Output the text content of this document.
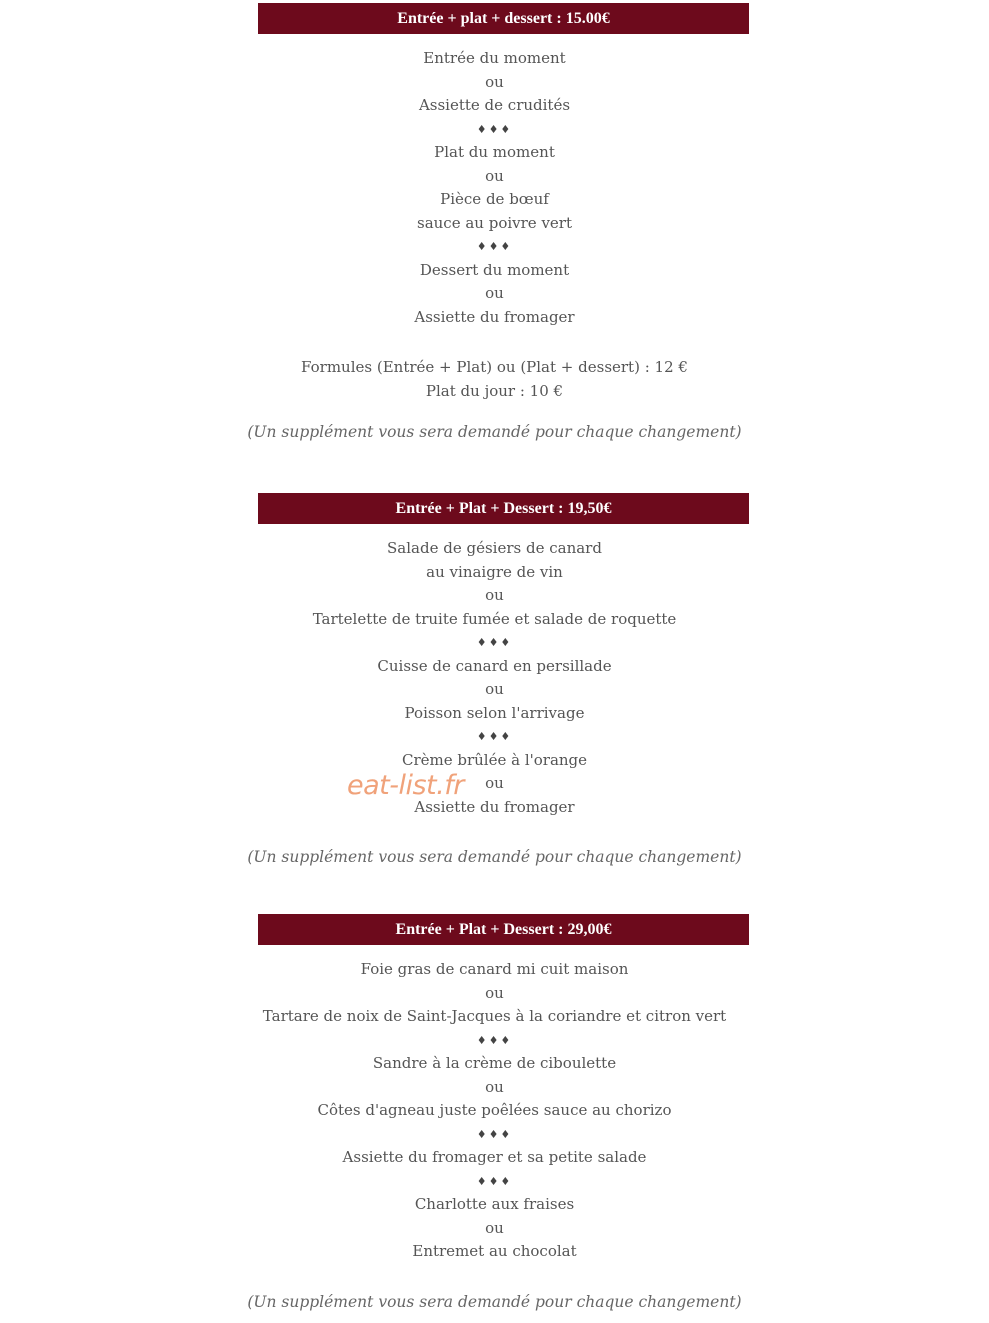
Entrée + plat + dessert : 15.00€
Entrée du moment
ou
Assiette de crudités
♦♦♦
Plat du moment
ou
Pièce de bœuf
sauce au poivre vert
♦♦♦
Dessert du moment
ou
Assiette du fromager
Formules (Entrée + Plat) ou (Plat + dessert) : 12 €
Plat du jour : 10 €
(Un supplément vous sera demandé pour chaque changement)
Entrée + Plat + Dessert : 19,50€
Salade de gésiers de canard
au vinaigre de vin
ou
Tartelette de truite fumée et salade de roquette
♦♦♦
Cuisse de canard en persillade
ou
Poisson selon l'arrivage
♦♦♦
Crème brûlée à l'orange
ou
Assiette du fromager
(Un supplément vous sera demandé pour chaque changement)
Entrée + Plat + Dessert : 29,00€
Foie gras de canard mi cuit maison
ou
Tartare de noix de Saint-Jacques à la coriandre et citron vert
♦♦♦
Sandre à la crème de ciboulette
ou
Côtes d'agneau juste poêlées sauce au chorizo
♦♦♦
Assiette du fromager et sa petite salade
♦♦♦
Charlotte aux fraises
ou
Entremet au chocolat
(Un supplément vous sera demandé pour chaque changement)
eat-list.fr
